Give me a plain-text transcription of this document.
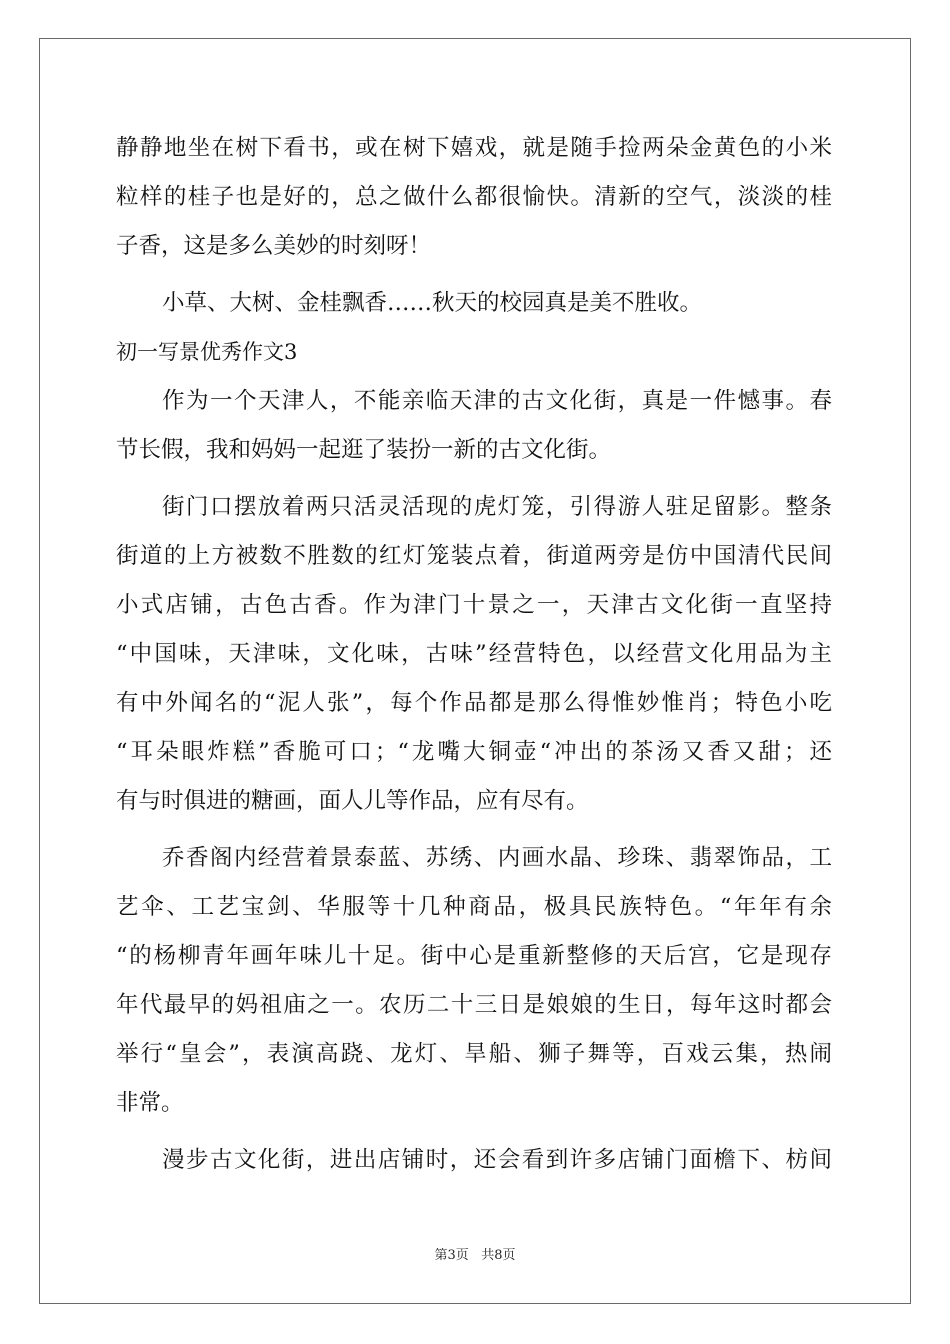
静静地坐在树下看书，或在树下嬉戏，就是随手捡两朵金黄色的小米
粒样的桂子也是好的，总之做什么都很愉快。清新的空气，淡淡的桂
子香，这是多么美妙的时刻呀！
小草、大树、金桂飘香……秋天的校园真是美不胜收。
初一写景优秀作文3
作为一个天津人，不能亲临天津的古文化街，真是一件憾事。春
节长假，我和妈妈一起逛了装扮一新的古文化街。
街门口摆放着两只活灵活现的虎灯笼，引得游人驻足留影。整条
街道的上方被数不胜数的红灯笼装点着，街道两旁是仿中国清代民间
小式店铺，古色古香。作为津门十景之一，天津古文化街一直坚持
“中国味，天津味，文化味，古味”经营特色，以经营文化用品为主
有中外闻名的“泥人张”，每个作品都是那么得惟妙惟肖；特色小吃
“耳朵眼炸糕”香脆可口；“龙嘴大铜壶“冲出的茶汤又香又甜；还
有与时俱进的糖画，面人儿等作品，应有尽有。
乔香阁内经营着景泰蓝、苏绣、内画水晶、珍珠、翡翠饰品，工
艺伞、工艺宝剑、华服等十几种商品，极具民族特色。“年年有余
“的杨柳青年画年味儿十足。街中心是重新整修的天后宫，它是现存
年代最早的妈祖庙之一。农历二十三日是娘娘的生日，每年这时都会
举行“皇会”，表演高跷、龙灯、旱船、狮子舞等，百戏云集，热闹
非常。
漫步古文化街，进出店铺时，还会看到许多店铺门面檐下、枋间
第3页 共8页
